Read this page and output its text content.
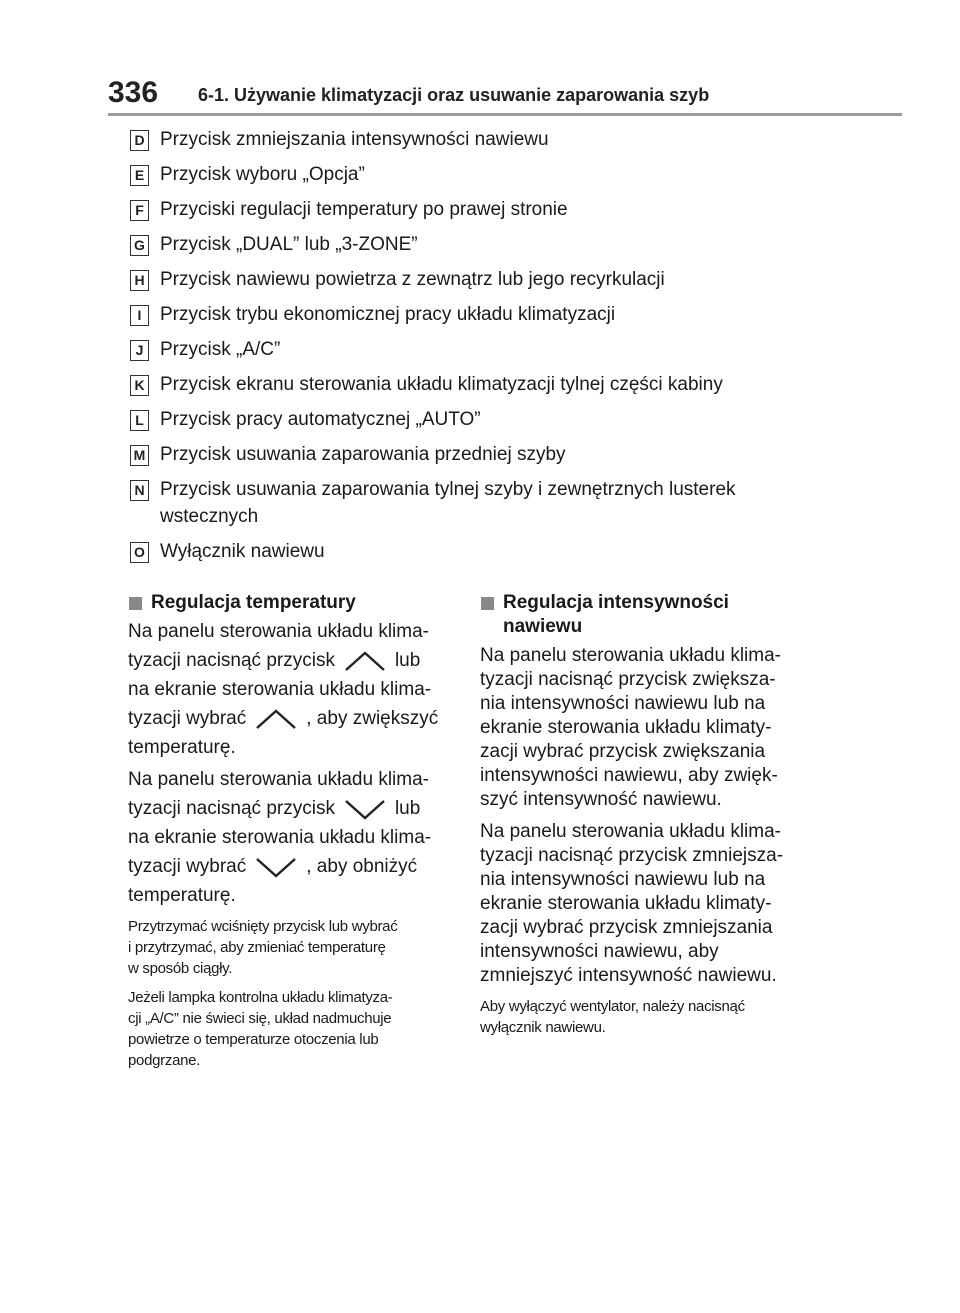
336 6-1. Używanie klimatyzacji oraz usuwanie zaparowania szyb
D Przycisk zmniejszania intensywności nawiewu
E Przycisk wyboru „Opcja”
F Przyciski regulacji temperatury po prawej stronie
G Przycisk „DUAL” lub „3-ZONE”
H Przycisk nawiewu powietrza z zewnątrz lub jego recyrkulacji
I Przycisk trybu ekonomicznej pracy układu klimatyzacji
J Przycisk „A/C”
K Przycisk ekranu sterowania układu klimatyzacji tylnej części kabiny
L Przycisk pracy automatycznej „AUTO”
M Przycisk usuwania zaparowania przedniej szyby
N Przycisk usuwania zaparowania tylnej szyby i zewnętrznych lusterek
wstecznych
O Wyłącznik nawiewu
Regulacja temperatury
Na panelu sterowania układu klima-
tyzacji nacisnąć przycisk	lub
na ekranie sterowania układu klima-
tyzacji wybrać	, aby zwiększyć
temperaturę.
Na panelu sterowania układu klima-
tyzacji nacisnąć przycisk	lub
na ekranie sterowania układu klima-
tyzacji wybrać	, aby obniżyć
temperaturę.
Przytrzymać wciśnięty przycisk lub wybrać
i przytrzymać, aby zmieniać temperaturę
w sposób ciągły.
Jeżeli lampka kontrolna układu klimatyza-
cji „A/C” nie świeci się, układ nadmuchuje
powietrze o temperaturze otoczenia lub
podgrzane.
Regulacja intensywności
nawiewu
Na panelu sterowania układu klima-
tyzacji nacisnąć przycisk zwiększa-
nia intensywności nawiewu lub na
ekranie sterowania układu klimaty-
zacji wybrać przycisk zwiększania
intensywności nawiewu, aby zwięk-
szyć intensywność nawiewu.
Na panelu sterowania układu klima-
tyzacji nacisnąć przycisk zmniejsza-
nia intensywności nawiewu lub na
ekranie sterowania układu klimaty-
zacji wybrać przycisk zmniejszania
intensywności nawiewu, aby
zmniejszyć intensywność nawiewu.
Aby wyłączyć wentylator, należy nacisnąć
wyłącznik nawiewu.
